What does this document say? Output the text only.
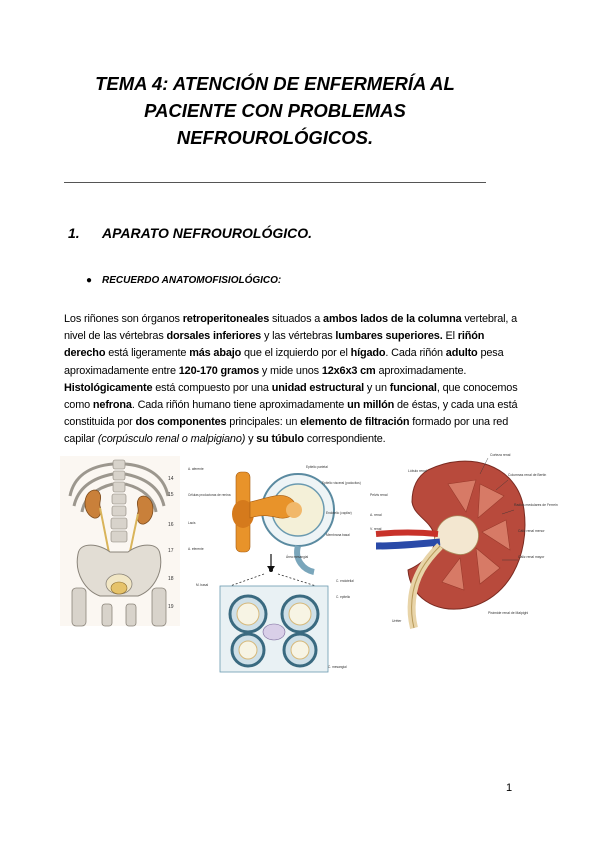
TEMA 4: ATENCIÓN DE ENFERMERÍA AL
PACIENTE CON PROBLEMAS
NEFROUROLÓGICOS.
1. APARATO NEFROUROLÓGICO.
● RECUERDO ANATOMOFISIOLÓGICO:

Los riñones son órganos retroperitoneales situados a ambos lados de la columna vertebral, a nivel de las vértebras dorsales inferiores y las vértebras lumbares superiores. El riñón derecho está ligeramente más abajo que el izquierdo por el hígado. Cada riñón adulto pesa aproximadamente entre 120-170 gramos y mide unos 12x6x3 cm aproximadamente. Histológicamente está compuesto por una unidad estructural y un funcional, que conocemos como nefrona. Cada riñón humano tiene aproximadamente un millón de éstas, y cada una está constituida por dos componentes principales: un elemento de filtración formado por una red capilar (corpúsculo renal o malpigiano) y su túbulo correspondiente.

14
15
16
17
18
19
A. aferente
Células productoras de renina
Lacis
A. eferente
Epitelio parietal
Epitelio visceral (podocitos)
Endotelio (capilar)
Membrana basal
Área mesangial
C. endotelial
C. epitelio
M. basal
C. mesangial
Corteza renal
Columnas renal de Bertin
Radios medulares de Ferrein
Cáliz renal menor
Cáliz renal mayor
Pirámide renal de Malpighi
Uréter
A. renal
V. renal
Pelvis renal
Lóbulo renal
1
